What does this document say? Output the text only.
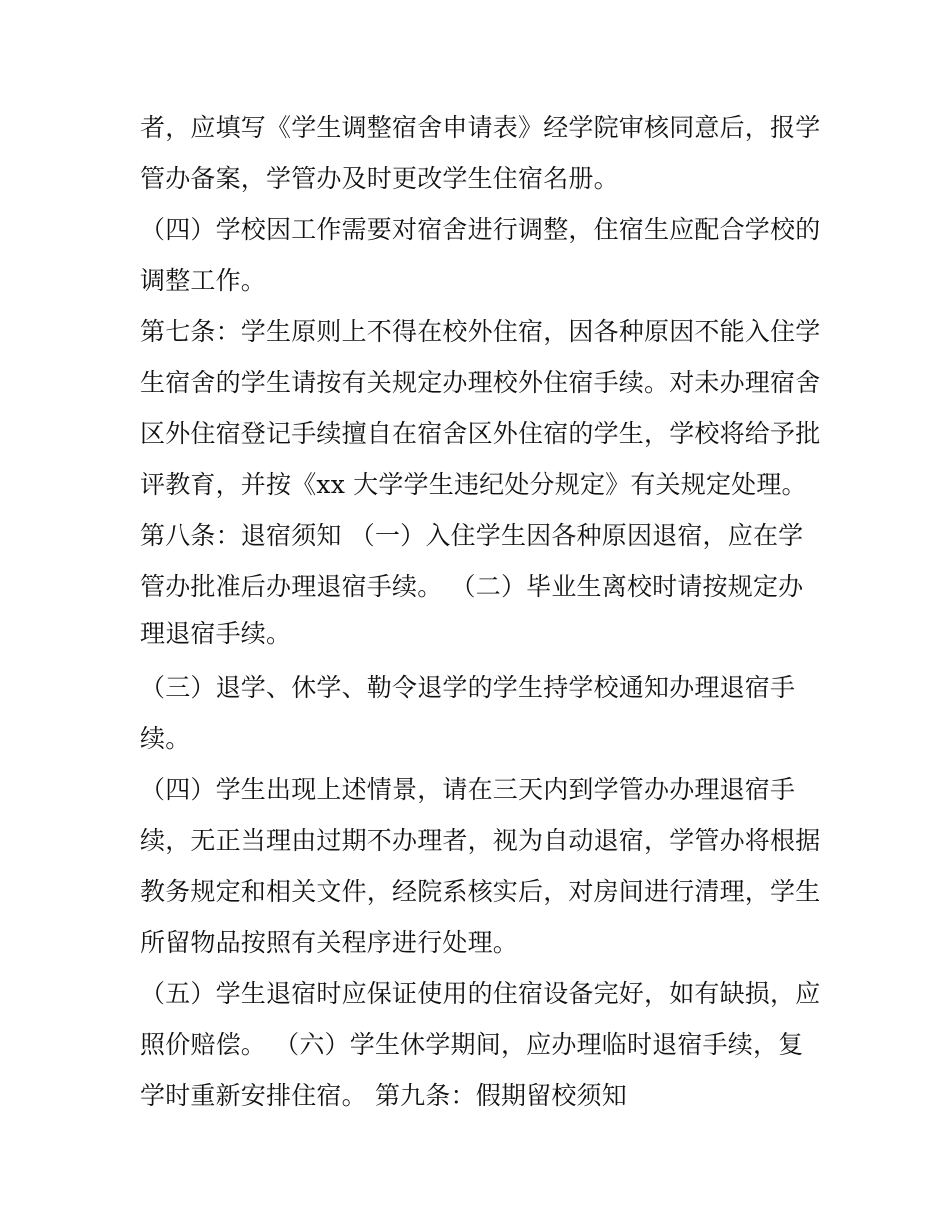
者，应填写《学生调整宿舍申请表》经学院审核同意后，报学
管办备案，学管办及时更改学生住宿名册。
（四）学校因工作需要对宿舍进行调整，住宿生应配合学校的
调整工作。
第七条：学生原则上不得在校外住宿，因各种原因不能入住学
生宿舍的学生请按有关规定办理校外住宿手续。对未办理宿舍
区外住宿登记手续擅自在宿舍区外住宿的学生，学校将给予批
评教育，并按《xx 大学学生违纪处分规定》有关规定处理。
第八条：退宿须知 （一）入住学生因各种原因退宿，应在学
管办批准后办理退宿手续。 （二）毕业生离校时请按规定办
理退宿手续。
（三）退学、休学、勒令退学的学生持学校通知办理退宿手
续。
（四）学生出现上述情景，请在三天内到学管办办理退宿手
续，无正当理由过期不办理者，视为自动退宿，学管办将根据
教务规定和相关文件，经院系核实后，对房间进行清理，学生
所留物品按照有关程序进行处理。
（五）学生退宿时应保证使用的住宿设备完好，如有缺损，应
照价赔偿。 （六）学生休学期间，应办理临时退宿手续，复
学时重新安排住宿。 第九条：假期留校须知
